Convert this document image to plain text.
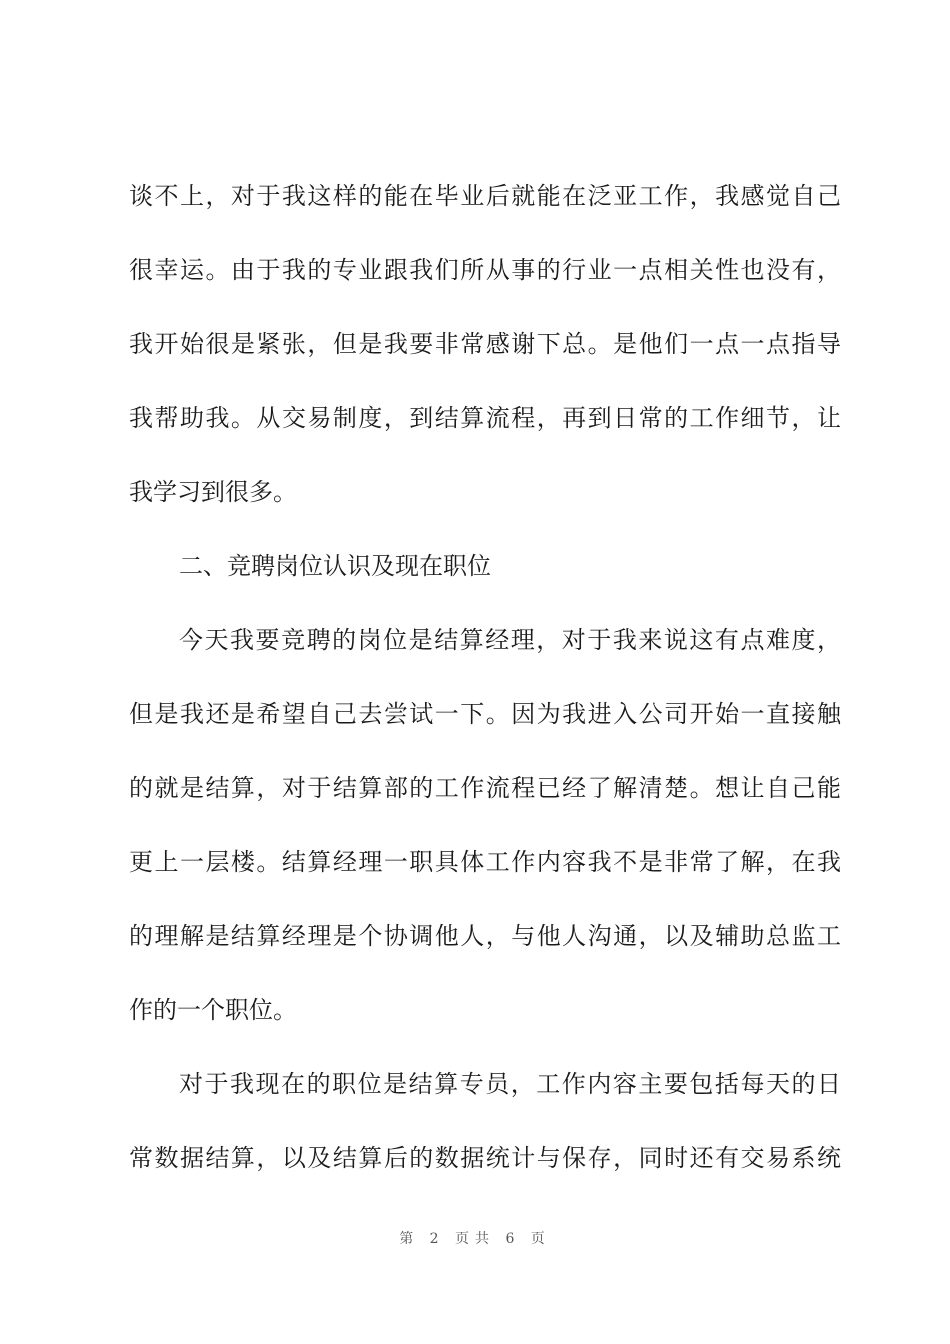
谈不上，对于我这样的能在毕业后就能在泛亚工作，我感觉自己
很幸运。由于我的专业跟我们所从事的行业一点相关性也没有，
我开始很是紧张，但是我要非常感谢下总。是他们一点一点指导
我帮助我。从交易制度，到结算流程，再到日常的工作细节，让
我学习到很多。
二、竞聘岗位认识及现在职位
今天我要竞聘的岗位是结算经理，对于我来说这有点难度，
但是我还是希望自己去尝试一下。因为我进入公司开始一直接触
的就是结算，对于结算部的工作流程已经了解清楚。想让自己能
更上一层楼。结算经理一职具体工作内容我不是非常了解，在我
的理解是结算经理是个协调他人，与他人沟通，以及辅助总监工
作的一个职位。
对于我现在的职位是结算专员，工作内容主要包括每天的日
常数据结算，以及结算后的数据统计与保存，同时还有交易系统
第 2 页共 6 页
